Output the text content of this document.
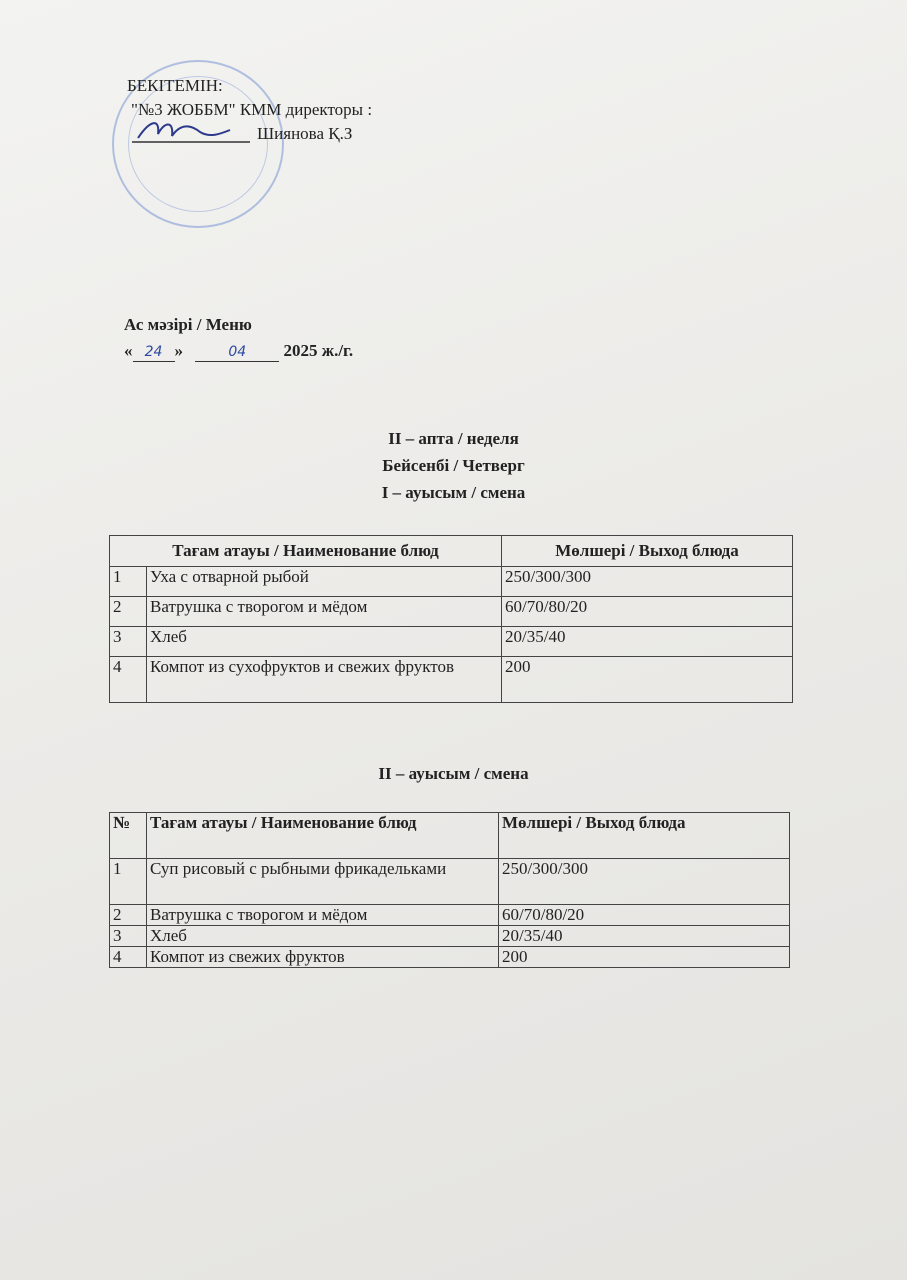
БЕКІТЕМІН:
"№3 ЖОББМ" КММ директоры :
Шиянова Қ.З
Ас мәзірі / Меню
« 24 »	04 2025 ж./г.
II – апта / неделя
Бейсенбі / Четверг
I – ауысым / смена
Тағам атауы / Наименование блюд		Мөлшері / Выход блюда
1	Уха с отварной рыбой	250/300/300
2	Ватрушка с творогом и мёдом	60/70/80/20
3	Хлеб	20/35/40
4	Компот из сухофруктов и свежих фруктов	200
II – ауысым / смена
№	Тағам атауы / Наименование блюд	Мөлшері / Выход блюда
1	Суп рисовый с рыбными фрикадельками	250/300/300
2	Ватрушка с творогом и мёдом	60/70/80/20
3	Хлеб	20/35/40
4	Компот из свежих фруктов	200
